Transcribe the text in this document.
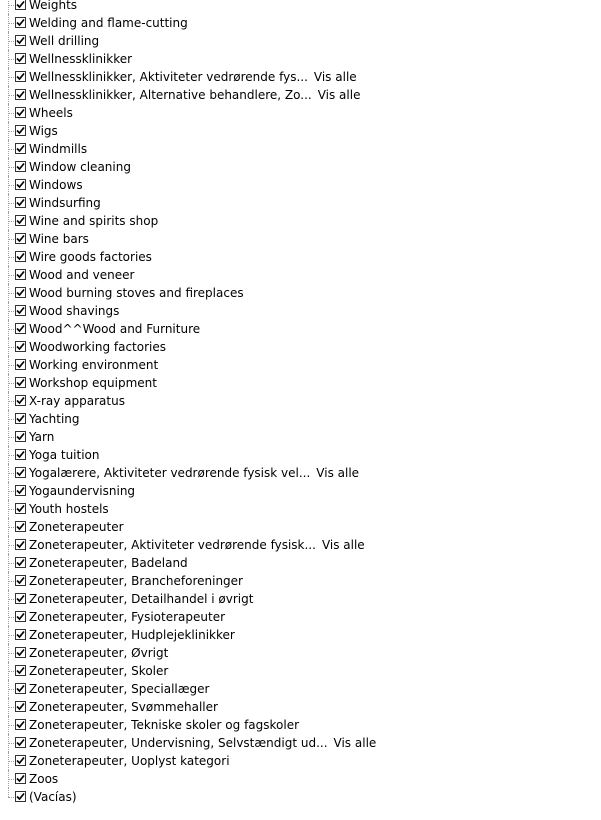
Weights
Welding and flame-cutting
Well drilling
Wellnessklinikker
Wellnessklinikker, Aktiviteter vedrørende fys... Vis alle
Wellnessklinikker, Alternative behandlere, Zo... Vis alle
Wheels
Wigs
Windmills
Window cleaning
Windows
Windsurfing
Wine and spirits shop
Wine bars
Wire goods factories
Wood and veneer
Wood burning stoves and fireplaces
Wood shavings
Wood^^Wood and Furniture
Woodworking factories
Working environment
Workshop equipment
X-ray apparatus
Yachting
Yarn
Yoga tuition
Yogalærere, Aktiviteter vedrørende fysisk vel... Vis alle
Yogaundervisning
Youth hostels
Zoneterapeuter
Zoneterapeuter, Aktiviteter vedrørende fysisk... Vis alle
Zoneterapeuter, Badeland
Zoneterapeuter, Brancheforeninger
Zoneterapeuter, Detailhandel i øvrigt
Zoneterapeuter, Fysioterapeuter
Zoneterapeuter, Hudplejeklinikker
Zoneterapeuter, Øvrigt
Zoneterapeuter, Skoler
Zoneterapeuter, Speciallæger
Zoneterapeuter, Svømmehaller
Zoneterapeuter, Tekniske skoler og fagskoler
Zoneterapeuter, Undervisning, Selvstændigt ud... Vis alle
Zoneterapeuter, Uoplyst kategori
Zoos
(Vacías)
